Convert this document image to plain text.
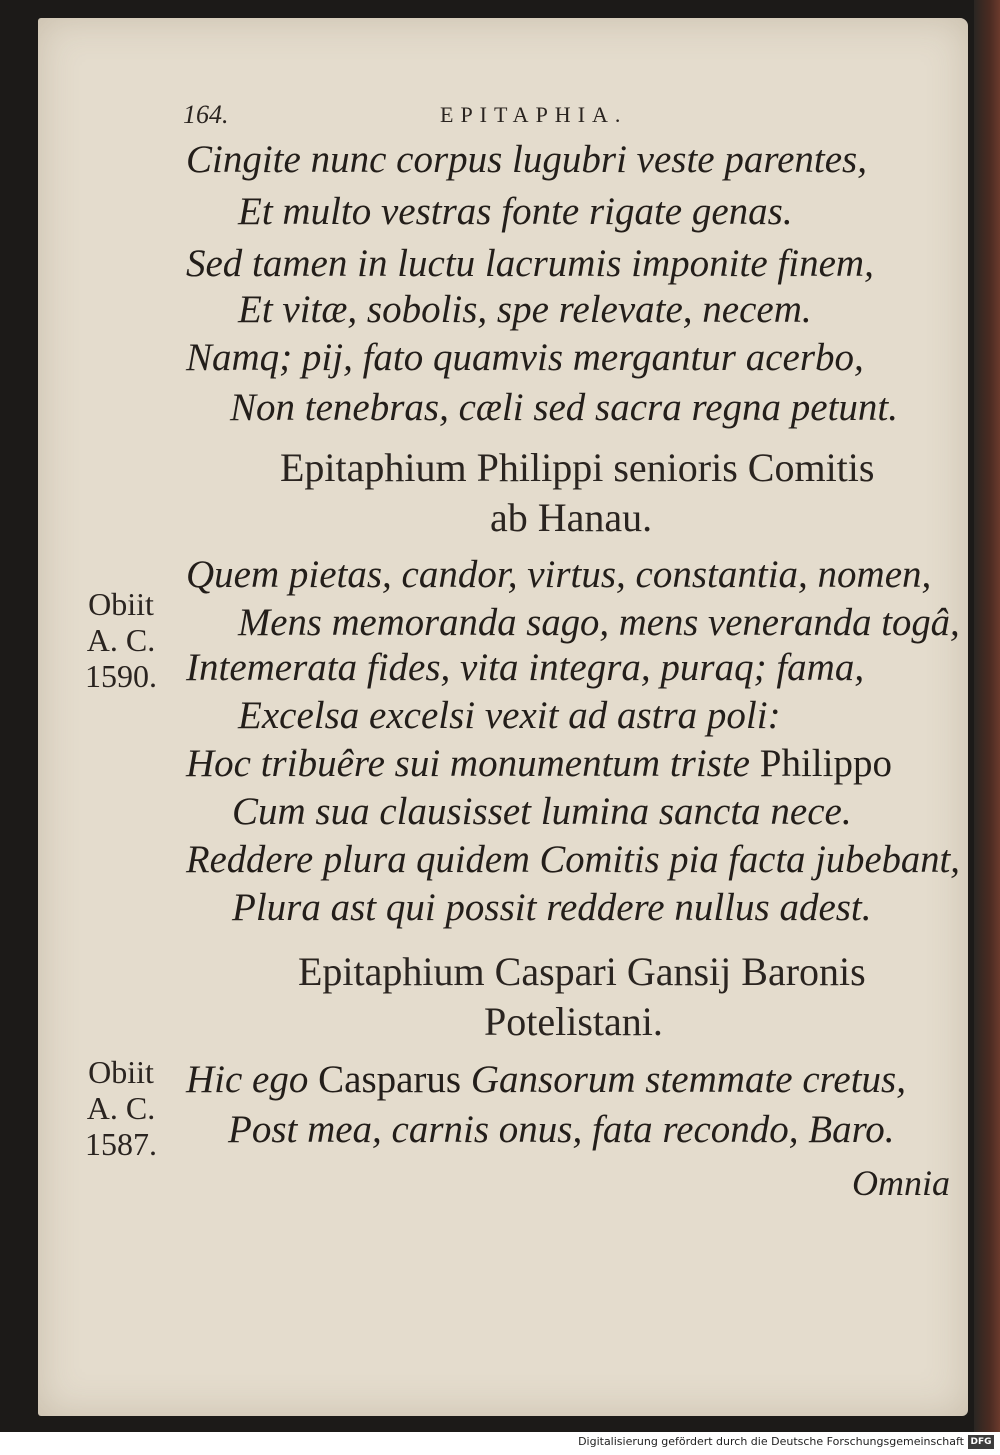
164.	EPITAPHIA.
Cingite nunc corpus lugubri veste parentes,
Et multo vestras fonte rigate genas.
Sed tamen in luctu lacrumis imponite finem,
Et vitæ, sobolis, spe relevate, necem.
Namq; pij, fato quamvis mergantur acerbo,
Non tenebras, cæli sed sacra regna petunt.
Epitaphium Philippi senioris Comitis
ab Hanau.
Obiit
A. C.
1590.
Quem pietas, candor, virtus, constantia, nomen,
Mens memoranda sago, mens veneranda togâ,
Intemerata fides, vita integra, puraq; fama,
Excelsa excelsi vexit ad astra poli:
Hoc tribuêre sui monumentum triste Philippo
Cum sua clausisset lumina sancta nece.
Reddere plura quidem Comitis pia facta jubebant,
Plura ast qui possit reddere nullus adest.
Epitaphium Caspari Gansij Baronis
Potelistani.
Obiit
A. C.
1587.
Hic ego Casparus Gansorum stemmate cretus,
Post mea, carnis onus, fata recondo, Baro.
Omnia
Digitalisierung gefördert durch die Deutsche Forschungsgemeinschaft DFG
